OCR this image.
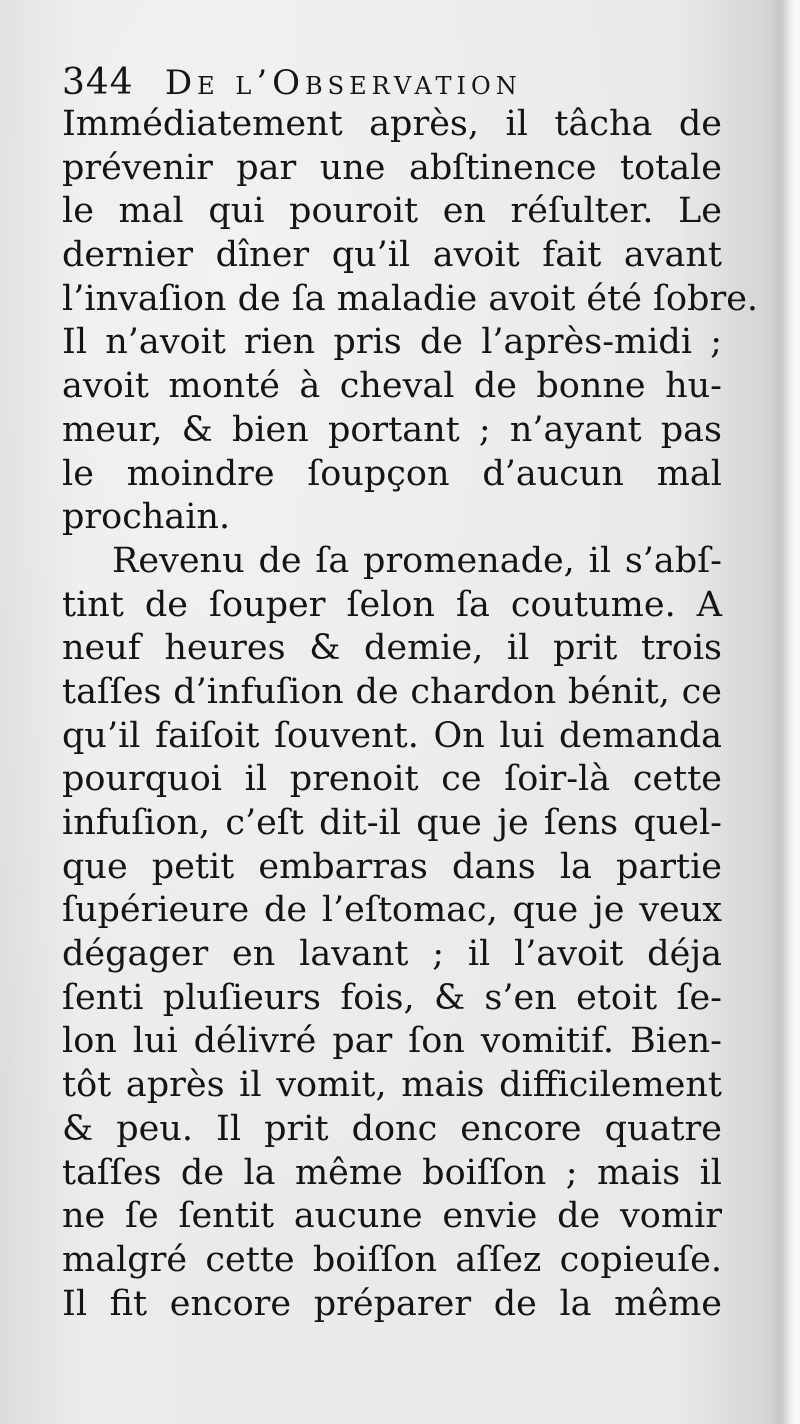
344 De l’Observation
Immédiatement après, il tâcha de
prévenir par une abſtinence totale
le mal qui pouroit en réſulter. Le
dernier dîner qu’il avoit fait avant
l’invaſion de ſa maladie avoit été ſobre.
Il n’avoit rien pris de l’après-midi ;
avoit monté à cheval de bonne hu-
meur, & bien portant ; n’ayant pas
le moindre ſoupçon d’aucun mal
prochain.
Revenu de ſa promenade, il s’abſ-
tint de ſouper ſelon ſa coutume. A
neuf heures & demie, il prit trois
taſſes d’infuſion de chardon bénit, ce
qu’il faiſoit ſouvent. On lui demanda
pourquoi il prenoit ce ſoir-là cette
infuſion, c’eſt dit-il que je ſens quel-
que petit embarras dans la partie
ſupérieure de l’eſtomac, que je veux
dégager en lavant ; il l’avoit déja
ſenti pluſieurs fois, & s’en etoit ſe-
lon lui délivré par ſon vomitif. Bien-
tôt après il vomit, mais difficilement
& peu. Il prit donc encore quatre
taſſes de la même boiſſon ; mais il
ne ſe ſentit aucune envie de vomir
malgré cette boiſſon aſſez copieuſe.
Il fit encore préparer de la même
